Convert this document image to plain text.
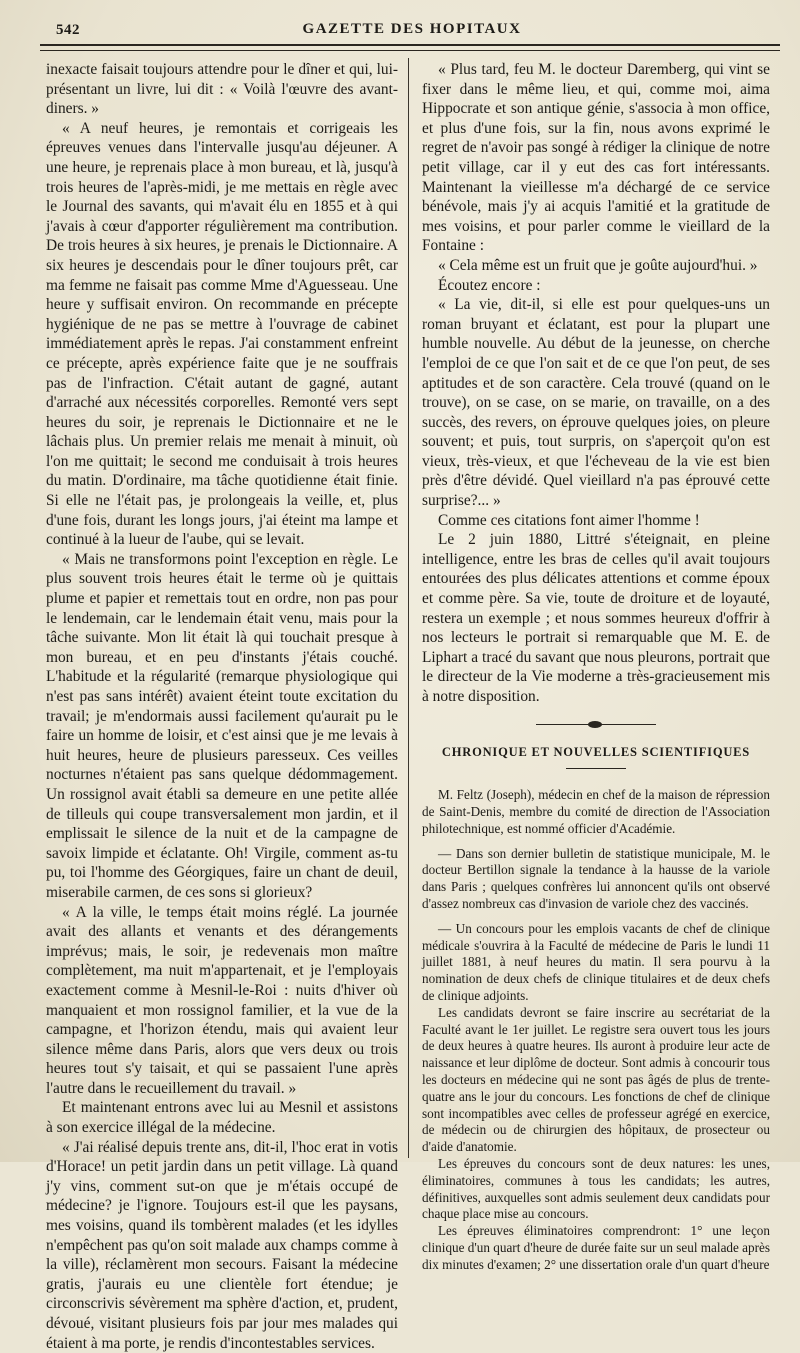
542	GAZETTE DES HOPITAUX

inexacte faisait toujours attendre pour le dîner et qui, lui-présentant un livre, lui dit : « Voilà l'œuvre des avant-diners. »

« A neuf heures, je remontais et corrigeais les épreuves venues dans l'intervalle jusqu'au déjeuner. A une heure, je reprenais place à mon bureau, et là, jusqu'à trois heures de l'après-midi, je me mettais en règle avec le Journal des savants, qui m'avait élu en 1855 et à qui j'avais à cœur d'apporter régulièrement ma contribution. De trois heures à six heures, je prenais le Dictionnaire. A six heures je descendais pour le dîner toujours prêt, car ma femme ne faisait pas comme Mme d'Aguesseau. Une heure y suffisait environ. On recommande en précepte hygiénique de ne pas se mettre à l'ouvrage de cabinet immédiatement après le repas. J'ai constamment enfreint ce précepte, après expérience faite que je ne souffrais pas de l'infraction. C'était autant de gagné, autant d'arraché aux nécessités corporelles. Remonté vers sept heures du soir, je reprenais le Dictionnaire et ne le lâchais plus. Un premier relais me menait à minuit, où l'on me quittait; le second me conduisait à trois heures du matin. D'ordinaire, ma tâche quotidienne était finie. Si elle ne l'était pas, je prolongeais la veille, et, plus d'une fois, durant les longs jours, j'ai éteint ma lampe et continué à la lueur de l'aube, qui se levait.

« Mais ne transformons point l'exception en règle. Le plus souvent trois heures était le terme où je quittais plume et papier et remettais tout en ordre, non pas pour le lendemain, car le lendemain était venu, mais pour la tâche suivante. Mon lit était là qui touchait presque à mon bureau, et en peu d'instants j'étais couché. L'habitude et la régularité (remarque physiologique qui n'est pas sans intérêt) avaient éteint toute excitation du travail; je m'endormais aussi facilement qu'aurait pu le faire un homme de loisir, et c'est ainsi que je me levais à huit heures, heure de plusieurs paresseux. Ces veilles nocturnes n'étaient pas sans quelque dédommagement. Un rossignol avait établi sa demeure en une petite allée de tilleuls qui coupe transversalement mon jardin, et il emplissait le silence de la nuit et de la campagne de savoix limpide et éclatante. Oh! Virgile, comment as-tu pu, toi l'homme des Géorgiques, faire un chant de deuil, miserabile carmen, de ces sons si glorieux?

« A la ville, le temps était moins réglé. La journée avait des allants et venants et des dérangements imprévus; mais, le soir, je redevenais mon maître complètement, ma nuit m'appartenait, et je l'employais exactement comme à Mesnil-le-Roi : nuits d'hiver où manquaient et mon rossignol familier, et la vue de la campagne, et l'horizon étendu, mais qui avaient leur silence même dans Paris, alors que vers deux ou trois heures tout s'y taisait, et qui se passaient l'une après l'autre dans le recueillement du travail. »

Et maintenant entrons avec lui au Mesnil et assistons à son exercice illégal de la médecine.

« J'ai réalisé depuis trente ans, dit-il, l'hoc erat in votis d'Horace! un petit jardin dans un petit village. Là quand j'y vins, comment sut-on que je m'étais occupé de médecine? je l'ignore. Toujours est-il que les paysans, mes voisins, quand ils tombèrent malades (et les idylles n'empêchent pas qu'on soit malade aux champs comme à la ville), réclamèrent mon secours. Faisant la médecine gratis, j'aurais eu une clientèle fort étendue; je circonscrivis sévèrement ma sphère d'action, et, prudent, dévoué, visitant plusieurs fois par jour mes malades qui étaient à ma porte, je rendis d'incontestables services.

« Plus tard, feu M. le docteur Daremberg, qui vint se fixer dans le même lieu, et qui, comme moi, aima Hippocrate et son antique génie, s'associa à mon office, et plus d'une fois, sur la fin, nous avons exprimé le regret de n'avoir pas songé à rédiger la clinique de notre petit village, car il y eut des cas fort intéressants. Maintenant la vieillesse m'a déchargé de ce service bénévole, mais j'y ai acquis l'amitié et la gratitude de mes voisins, et pour parler comme le vieillard de la Fontaine :

« Cela même est un fruit que je goûte aujourd'hui. »

Écoutez encore :

« La vie, dit-il, si elle est pour quelques-uns un roman bruyant et éclatant, est pour la plupart une humble nouvelle. Au début de la jeunesse, on cherche l'emploi de ce que l'on sait et de ce que l'on peut, de ses aptitudes et de son caractère. Cela trouvé (quand on le trouve), on se case, on se marie, on travaille, on a des succès, des revers, on éprouve quelques joies, on pleure souvent; et puis, tout surpris, on s'aperçoit qu'on est vieux, très-vieux, et que l'écheveau de la vie est bien près d'être dévidé. Quel vieillard n'a pas éprouvé cette surprise?... »

Comme ces citations font aimer l'homme !

Le 2 juin 1880, Littré s'éteignait, en pleine intelligence, entre les bras de celles qu'il avait toujours entourées des plus délicates attentions et comme époux et comme père. Sa vie, toute de droiture et de loyauté, restera un exemple ; et nous sommes heureux d'offrir à nos lecteurs le portrait si remarquable que M. E. de Liphart a tracé du savant que nous pleurons, portrait que le directeur de la Vie moderne a très-gracieusement mis à notre disposition.

CHRONIQUE ET NOUVELLES SCIENTIFIQUES

M. Feltz (Joseph), médecin en chef de la maison de répression de Saint-Denis, membre du comité de direction de l'Association philotechnique, est nommé officier d'Académie.

— Dans son dernier bulletin de statistique municipale, M. le docteur Bertillon signale la tendance à la hausse de la variole dans Paris ; quelques confrères lui annoncent qu'ils ont observé d'assez nombreux cas d'invasion de variole chez des vaccinés.

— Un concours pour les emplois vacants de chef de clinique médicale s'ouvrira à la Faculté de médecine de Paris le lundi 11 juillet 1881, à neuf heures du matin. Il sera pourvu à la nomination de deux chefs de clinique titulaires et de deux chefs de clinique adjoints.

Les candidats devront se faire inscrire au secrétariat de la Faculté avant le 1er juillet. Le registre sera ouvert tous les jours de deux heures à quatre heures. Ils auront à produire leur acte de naissance et leur diplôme de docteur. Sont admis à concourir tous les docteurs en médecine qui ne sont pas âgés de plus de trente-quatre ans le jour du concours. Les fonctions de chef de clinique sont incompatibles avec celles de professeur agrégé en exercice, de médecin ou de chirurgien des hôpitaux, de prosecteur ou d'aide d'anatomie.

Les épreuves du concours sont de deux natures: les unes, éliminatoires, communes à tous les candidats; les autres, définitives, auxquelles sont admis seulement deux candidats pour chaque place mise au concours.

Les épreuves éliminatoires comprendront: 1° une leçon clinique d'un quart d'heure de durée faite sur un seul malade après dix minutes d'examen; 2° une dissertation orale d'un quart d'heure
